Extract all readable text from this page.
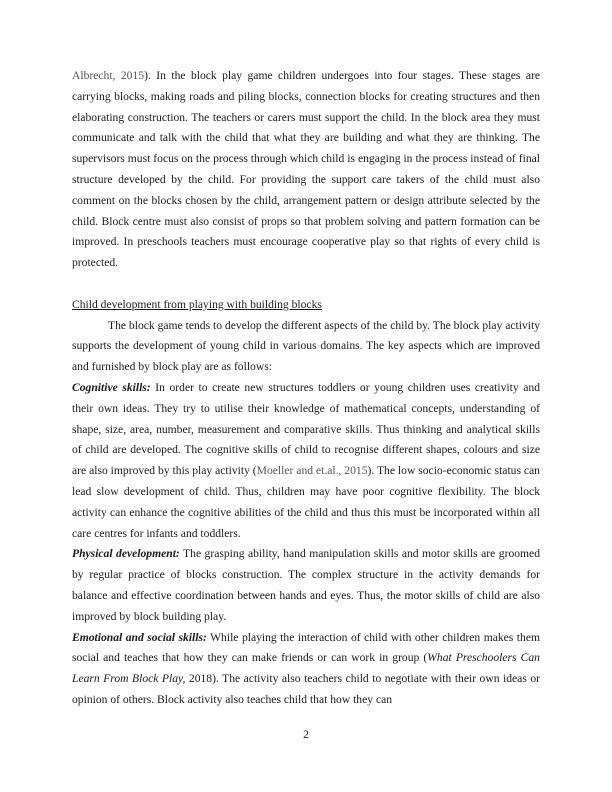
Albrecht, 2015). In the block play game children undergoes into four stages. These stages are carrying blocks, making roads and piling blocks, connection blocks for creating structures and then elaborating construction. The teachers or carers must support the child. In the block area they must communicate and talk with the child that what they are building and what they are thinking. The supervisors must focus on the process through which child is engaging in the process instead of final structure developed by the child. For providing the support care takers of the child must also comment on the blocks chosen by the child, arrangement pattern or design attribute selected by the child. Block centre must also consist of props so that problem solving and pattern formation can be improved. In preschools teachers must encourage cooperative play so that rights of every child is protected.

Child development from playing with building blocks

The block game tends to develop the different aspects of the child by. The block play activity supports the development of young child in various domains. The key aspects which are improved and furnished by block play are as follows:

Cognitive skills: In order to create new structures toddlers or young children uses creativity and their own ideas. They try to utilise their knowledge of mathematical concepts, understanding of shape, size, area, number, measurement and comparative skills. Thus thinking and analytical skills of child are developed. The cognitive skills of child to recognise different shapes, colours and size are also improved by this play activity (Moeller and et.al., 2015). The low socio-economic status can lead slow development of child. Thus, children may have poor cognitive flexibility. The block activity can enhance the cognitive abilities of the child and thus this must be incorporated within all care centres for infants and toddlers.

Physical development: The grasping ability, hand manipulation skills and motor skills are groomed by regular practice of blocks construction. The complex structure in the activity demands for balance and effective coordination between hands and eyes. Thus, the motor skills of child are also improved by block building play.

Emotional and social skills: While playing the interaction of child with other children makes them social and teaches that how they can make friends or can work in group (What Preschoolers Can Learn From Block Play, 2018). The activity also teachers child to negotiate with their own ideas or opinion of others. Block activity also teaches child that how they can

2
